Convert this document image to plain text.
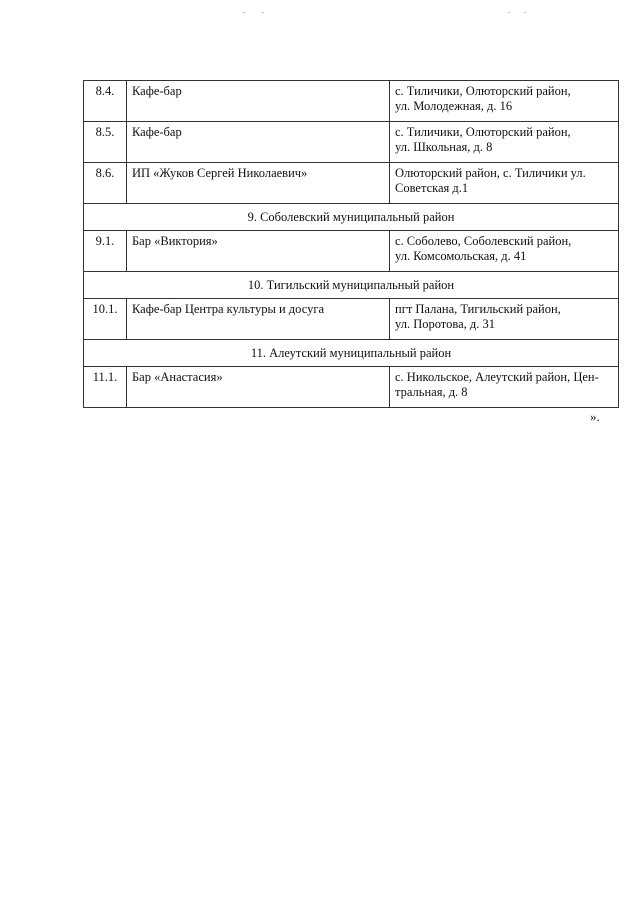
8.4.	Кафе-бар	с. Тиличики, Олюторский район,
ул. Молодежная, д. 16
8.5.	Кафе-бар	с. Тиличики, Олюторский район,
ул. Школьная, д. 8
8.6.	ИП «Жуков Сергей Николаевич»	Олюторский район, с. Тиличики ул.
Советская д.1
9. Соболевский муниципальный район		
9.1.	Бар «Виктория»	с. Соболево, Соболевский район,
ул. Комсомольская, д. 41
10. Тигильский муниципальный район		
10.1.	Кафе-бар Центра культуры и досуга	пгт Палана, Тигильский район,
ул. Поротова, д. 31
11. Алеутский муниципальный район		
11.1.	Бар «Анастасия»	с. Никольское, Алеутский район, Цен-
тральная, д. 8
».
